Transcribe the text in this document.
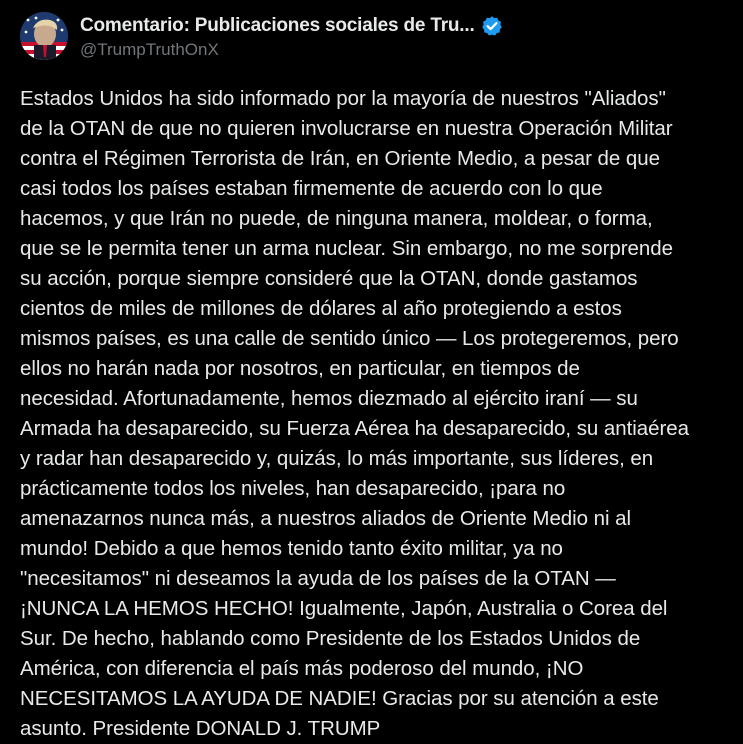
Comentario: Publicaciones sociales de Tru...
@TrumpTruthOnX
Estados Unidos ha sido informado por la mayoría de nuestros "Aliados"
de la OTAN de que no quieren involucrarse en nuestra Operación Militar
contra el Régimen Terrorista de Irán, en Oriente Medio, a pesar de que
casi todos los países estaban firmemente de acuerdo con lo que
hacemos, y que Irán no puede, de ninguna manera, moldear, o forma,
que se le permita tener un arma nuclear. Sin embargo, no me sorprende
su acción, porque siempre consideré que la OTAN, donde gastamos
cientos de miles de millones de dólares al año protegiendo a estos
mismos países, es una calle de sentido único — Los protegeremos, pero
ellos no harán nada por nosotros, en particular, en tiempos de
necesidad. Afortunadamente, hemos diezmado al ejército iraní — su
Armada ha desaparecido, su Fuerza Aérea ha desaparecido, su antiaérea
y radar han desaparecido y, quizás, lo más importante, sus líderes, en
prácticamente todos los niveles, han desaparecido, ¡para no
amenazarnos nunca más, a nuestros aliados de Oriente Medio ni al
mundo! Debido a que hemos tenido tanto éxito militar, ya no
"necesitamos" ni deseamos la ayuda de los países de la OTAN —
¡NUNCA LA HEMOS HECHO! Igualmente, Japón, Australia o Corea del
Sur. De hecho, hablando como Presidente de los Estados Unidos de
América, con diferencia el país más poderoso del mundo, ¡NO
NECESITAMOS LA AYUDA DE NADIE! Gracias por su atención a este
asunto. Presidente DONALD J. TRUMP
